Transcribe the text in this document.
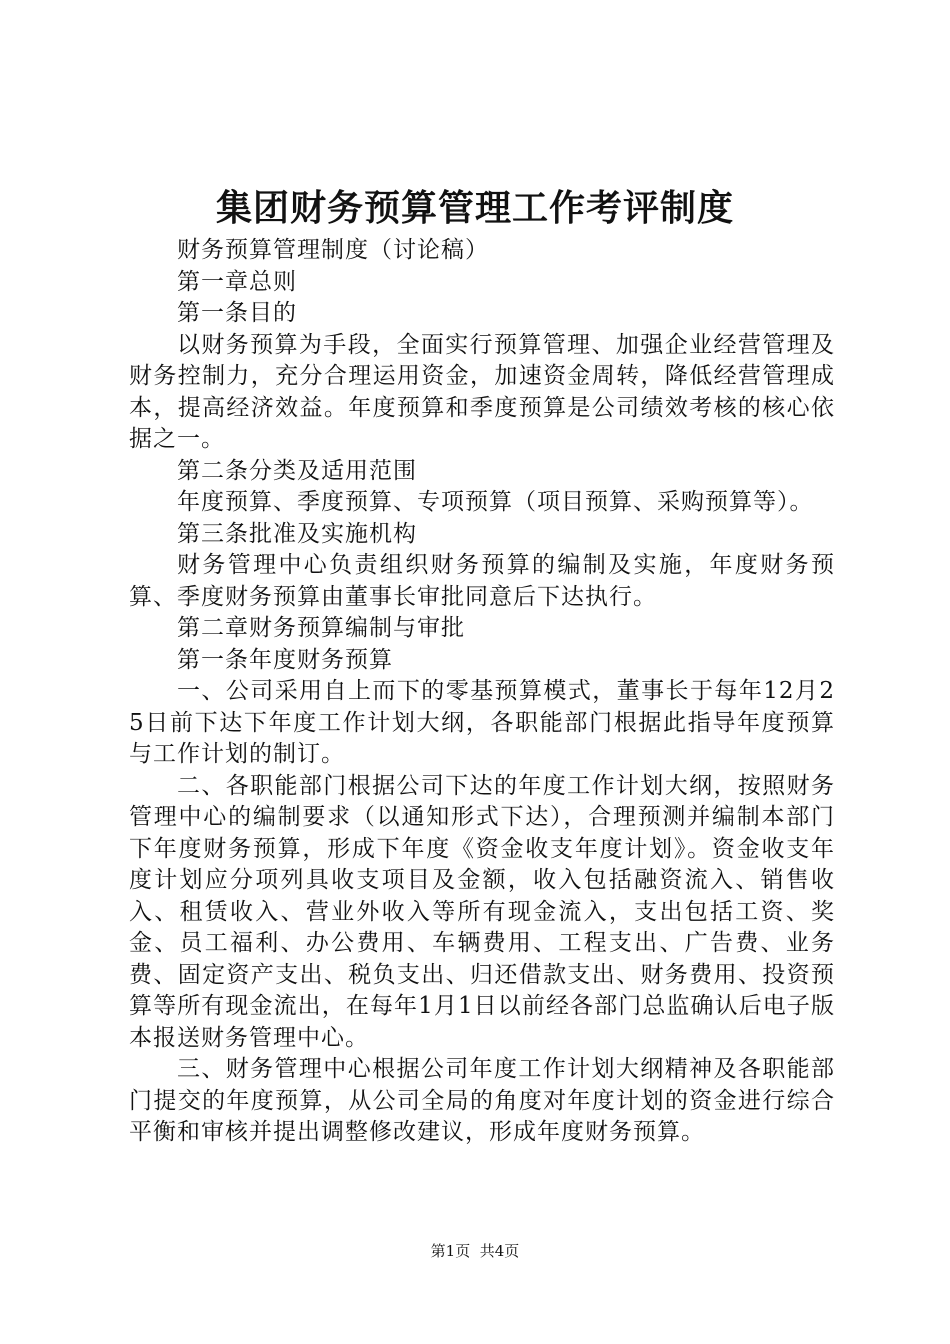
集团财务预算管理工作考评制度

财务预算管理制度（讨论稿）

第一章总则

第一条目的

以财务预算为手段，全面实行预算管理、加强企业经营管理及财务控制力，充分合理运用资金，加速资金周转，降低经营管理成本，提高经济效益。年度预算和季度预算是公司绩效考核的核心依据之一。

第二条分类及适用范围

年度预算、季度预算、专项预算（项目预算、采购预算等）。

第三条批准及实施机构

财务管理中心负责组织财务预算的编制及实施，年度财务预算、季度财务预算由董事长审批同意后下达执行。

第二章财务预算编制与审批

第一条年度财务预算

一、公司采用自上而下的零基预算模式，董事长于每年12月25日前下达下年度工作计划大纲，各职能部门根据此指导年度预算与工作计划的制订。

二、各职能部门根据公司下达的年度工作计划大纲，按照财务管理中心的编制要求（以通知形式下达），合理预测并编制本部门下年度财务预算，形成下年度《资金收支年度计划》。资金收支年度计划应分项列具收支项目及金额，收入包括融资流入、销售收入、租赁收入、营业外收入等所有现金流入，支出包括工资、奖金、员工福利、办公费用、车辆费用、工程支出、广告费、业务费、固定资产支出、税负支出、归还借款支出、财务费用、投资预算等所有现金流出，在每年1月1日以前经各部门总监确认后电子版本报送财务管理中心。

三、财务管理中心根据公司年度工作计划大纲精神及各职能部门提交的年度预算，从公司全局的角度对年度计划的资金进行综合平衡和审核并提出调整修改建议，形成年度财务预算。

第1页 共4页
